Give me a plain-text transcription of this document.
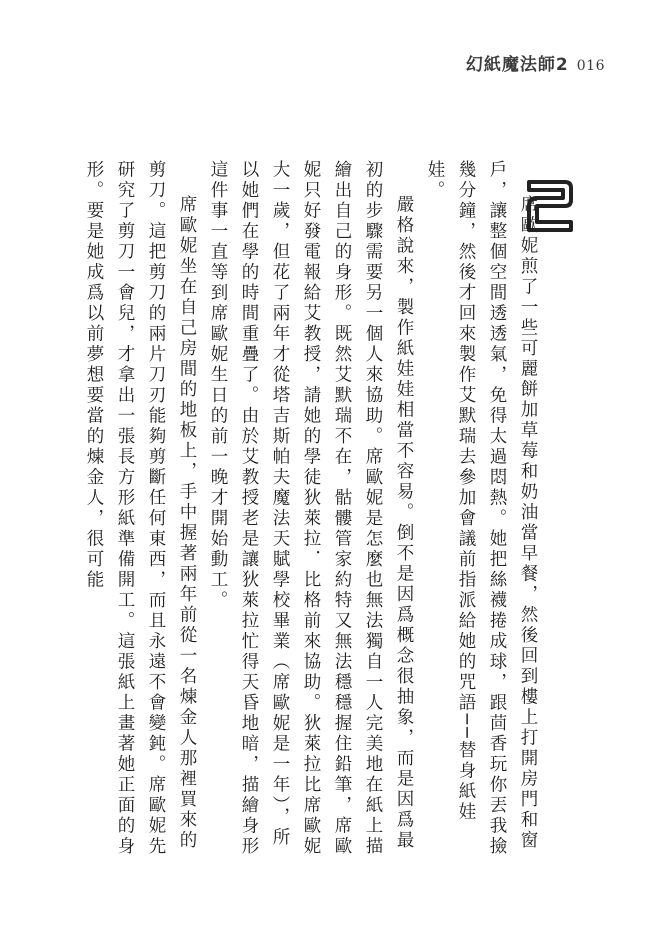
幻紙魔法師2 016

席歐妮煎了一些可麗餅加草莓和奶油當早餐，然後回到樓上打開房門和窗戶，讓整個空間透透氣，免得太過悶熱。她把絲襪捲成球，跟茴香玩你丟我撿幾分鐘，然後才回來製作艾默瑞去參加會議前指派給她的咒語──替身紙娃娃。

嚴格說來，製作紙娃娃相當不容易。倒不是因爲概念很抽象，而是因爲最初的步驟需要另一個人來協助。席歐妮是怎麼也無法獨自一人完美地在紙上描繪出自己的身形。既然艾默瑞不在，骷髏管家約特又無法穩穩握住鉛筆，席歐妮只好發電報給艾教授，請她的學徒狄萊拉．比格前來協助。狄萊拉比席歐妮大一歲，但花了兩年才從塔吉斯帕夫魔法天賦學校畢業（席歐妮是一年），所以她們在學的時間重疊了。由於艾教授老是讓狄萊拉忙得天昏地暗，描繪身形這件事一直等到席歐妮生日的前一晚才開始動工。

席歐妮坐在自己房間的地板上，手中握著兩年前從一名煉金人那裡買來的剪刀。這把剪刀的兩片刀刃能夠剪斷任何東西，而且永遠不會變鈍。席歐妮先研究了剪刀一會兒，才拿出一張長方形紙準備開工。這張紙上畫著她正面的身形。要是她成爲以前夢想要當的煉金人，很可能
